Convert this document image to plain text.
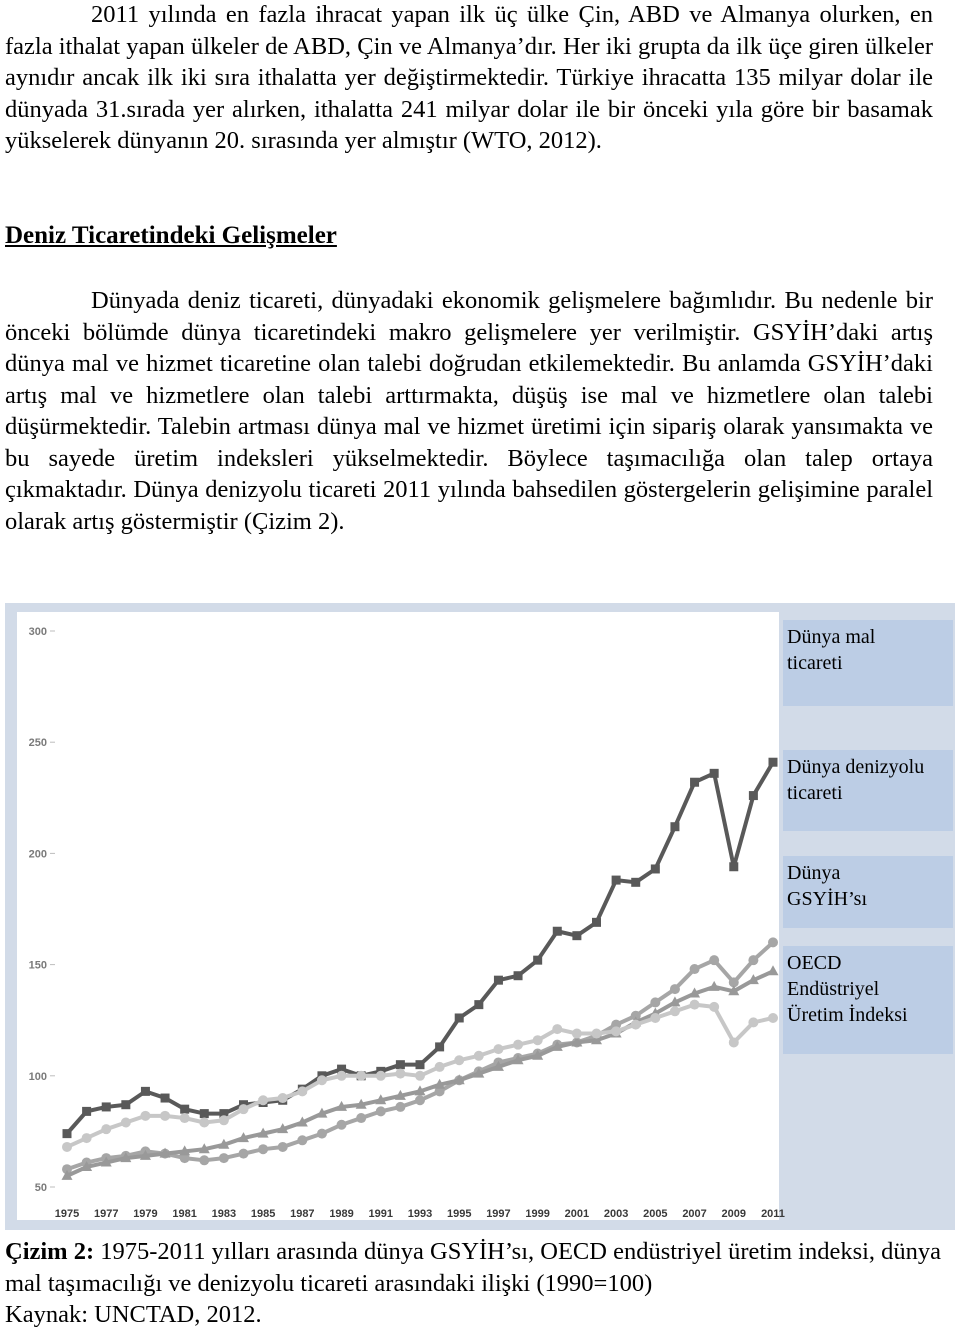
2011 yılında en fazla ihracat yapan ilk üç ülke Çin, ABD ve Almanya olurken, en fazla ithalat yapan ülkeler de ABD, Çin ve Almanya’dır. Her iki grupta da ilk üçe giren ülkeler aynıdır ancak ilk iki sıra ithalatta yer değiştirmektedir. Türkiye ihracatta 135 milyar dolar ile dünyada 31.sırada yer alırken, ithalatta 241 milyar dolar ile bir önceki yıla göre bir basamak yükselerek dünyanın 20. sırasında yer almıştır (WTO, 2012).

Deniz Ticaretindeki Gelişmeler

Dünyada deniz ticareti, dünyadaki ekonomik gelişmelere bağımlıdır. Bu nedenle bir önceki bölümde dünya ticaretindeki makro gelişmelere yer verilmiştir. GSYİH’daki artış dünya mal ve hizmet ticaretine olan talebi doğrudan etkilemektedir. Bu anlamda GSYİH’daki artış mal ve hizmetlere olan talebi arttırmakta, düşüş ise mal ve hizmetlere olan talebi düşürmektedir. Talebin artması dünya mal ve hizmet üretimi için sipariş olarak yansımakta ve bu sayede üretim indeksleri yükselmektedir. Böylece taşımacılığa olan talep ortaya çıkmaktadır. Dünya denizyolu ticareti 2011 yılında bahsedilen göstergelerin gelişimine paralel olarak artış göstermiştir (Çizim 2).

50
100
150
200
250
300
1975 1977 1979 1981 1983 1985 1987 1989 1991 1993 1995 1997 1999 2001 2003 2005 2007 2009 2011
Dünya mal ticareti
Dünya denizyolu ticareti
Dünya GSYİH’sı
OECD Endüstriyel Üretim İndeksi

Çizim 2: 1975-2011 yılları arasında dünya GSYİH’sı, OECD endüstriyel üretim indeksi, dünya mal taşımacılığı ve denizyolu ticareti arasındaki ilişki (1990=100)
Kaynak: UNCTAD, 2012.
